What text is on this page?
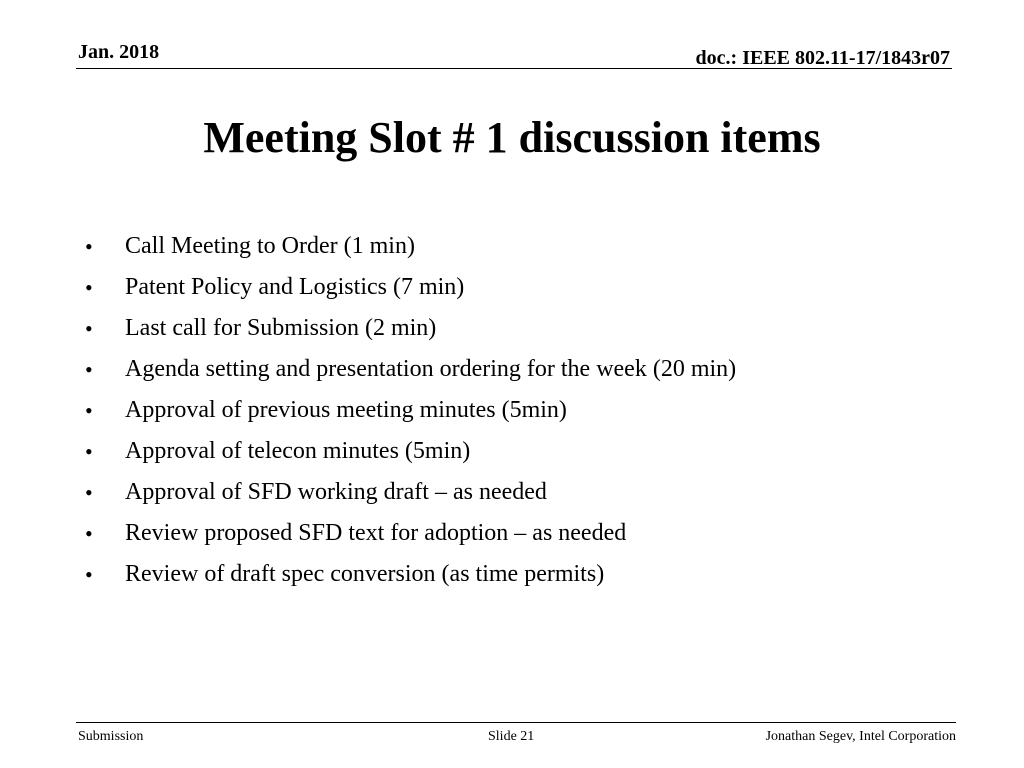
Jan. 2018	doc.: IEEE 802.11-17/1843r07
Meeting Slot # 1 discussion items
•	Call Meeting to Order (1 min)
•	Patent Policy and Logistics (7 min)
•	Last call for Submission (2 min)
•	Agenda setting and presentation ordering for the week (20 min)
•	Approval of previous meeting minutes (5min)
•	Approval of telecon minutes (5min)
•	Approval of SFD working draft – as needed
•	Review proposed SFD text for adoption – as needed
•	Review of draft spec conversion (as time permits)
Submission	Slide 21	Jonathan Segev, Intel Corporation
